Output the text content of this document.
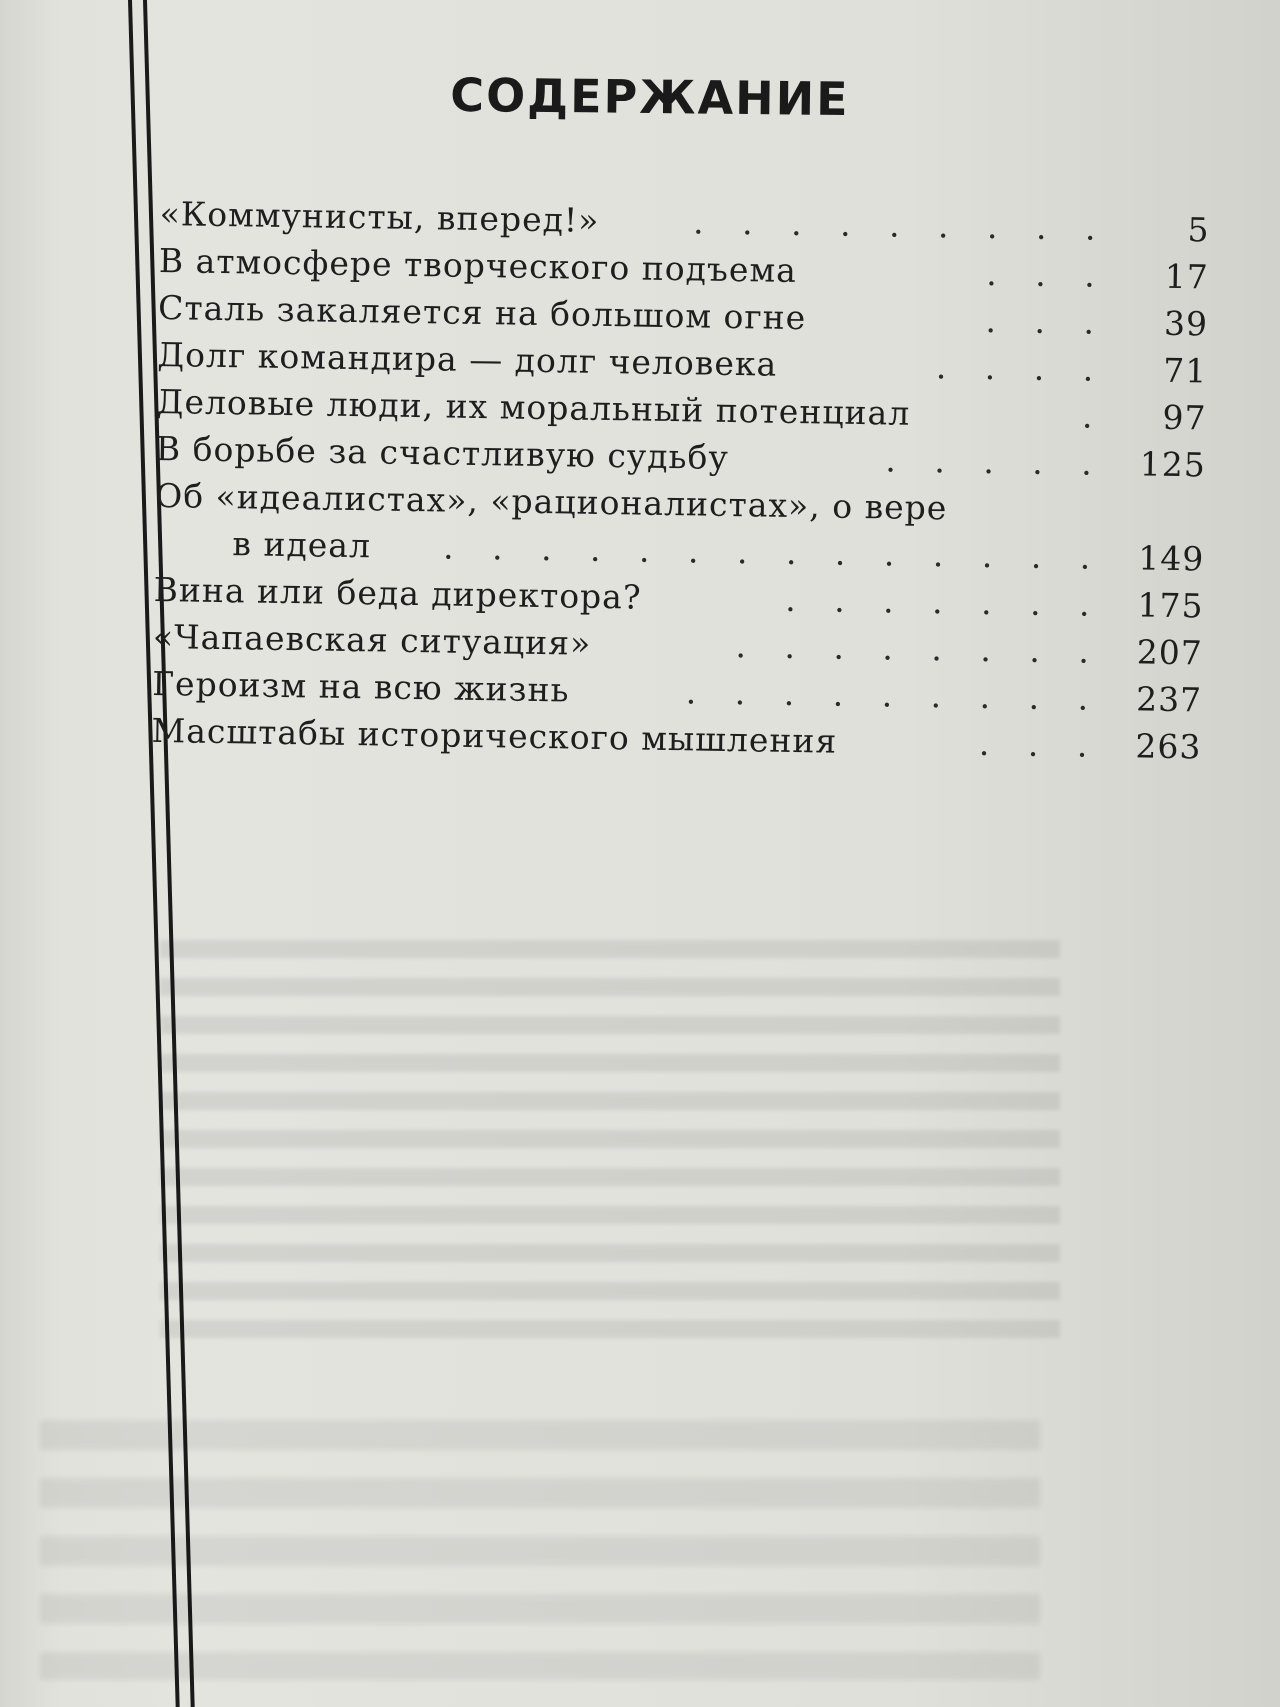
СОДЕРЖАНИЕ
«Коммунисты, вперед!»	. . . . . . . . .	5
В атмосфере творческого подъема	. . .	17
Сталь закаляется на большом огне	. . .	39
Долг командира — долг человека	. . . .	71
Деловые люди, их моральный потенциал	.	97
В борьбе за счастливую судьбу	. . . . .	125
Об «идеалистах», «рационалистах», о вере
в идеал . . . . . . . . . . . . . .	149
Вина или беда директора?	. . . . . . .	175
«Чапаевская ситуация»	. . . . . . . .	207
Героизм на всю жизнь	. . . . . . . . .	237
Масштабы исторического мышления	. . .	263
